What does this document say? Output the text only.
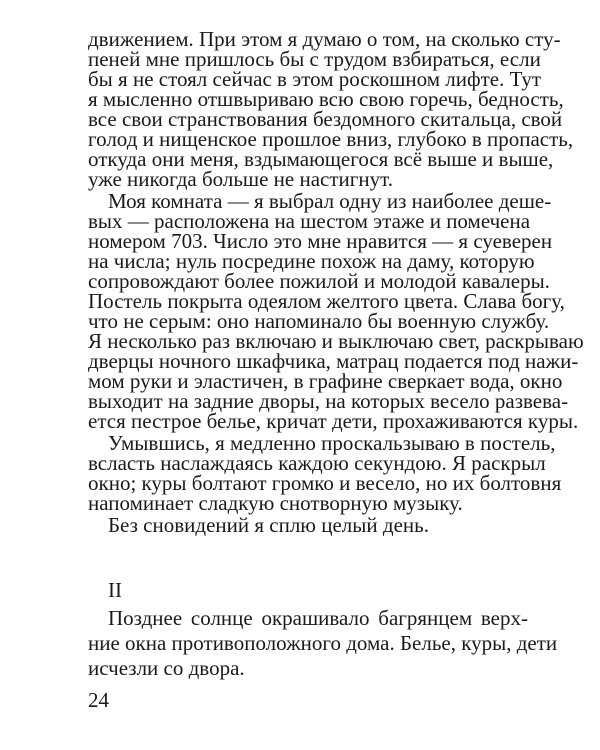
движением. При этом я думаю о том, на сколько сту-
пеней мне пришлось бы с трудом взбираться, если
бы я не стоял сейчас в этом роскошном лифте. Тут
я мысленно отшвыриваю всю свою горечь, бедность,
все свои странствования бездомного скитальца, свой
голод и нищенское прошлое вниз, глубоко в пропасть,
откуда они меня, вздымающегося всё выше и выше,
уже никогда больше не настигнут.
Моя комната — я выбрал одну из наиболее деше-
вых — расположена на шестом этаже и помечена
номером 703. Число это мне нравится — я суеверен
на числа; нуль посредине похож на даму, которую
сопровождают более пожилой и молодой кавалеры.
Постель покрыта одеялом желтого цвета. Слава богу,
что не серым: оно напоминало бы военную службу.
Я несколько раз включаю и выключаю свет, раскрываю
дверцы ночного шкафчика, матрац подается под нажи-
мом руки и эластичен, в графине сверкает вода, окно
выходит на задние дворы, на которых весело развева-
ется пестрое белье, кричат дети, прохаживаются куры.
Умывшись, я медленно проскальзываю в постель,
всласть наслаждаясь каждою секундою. Я раскрыл
окно; куры болтают громко и весело, но их болтовня
напоминает сладкую снотворную музыку.
Без сновидений я сплю целый день.
II
Позднее солнце окрашивало багрянцем верх-
ние окна противоположного дома. Белье, куры, дети
исчезли со двора.
24
